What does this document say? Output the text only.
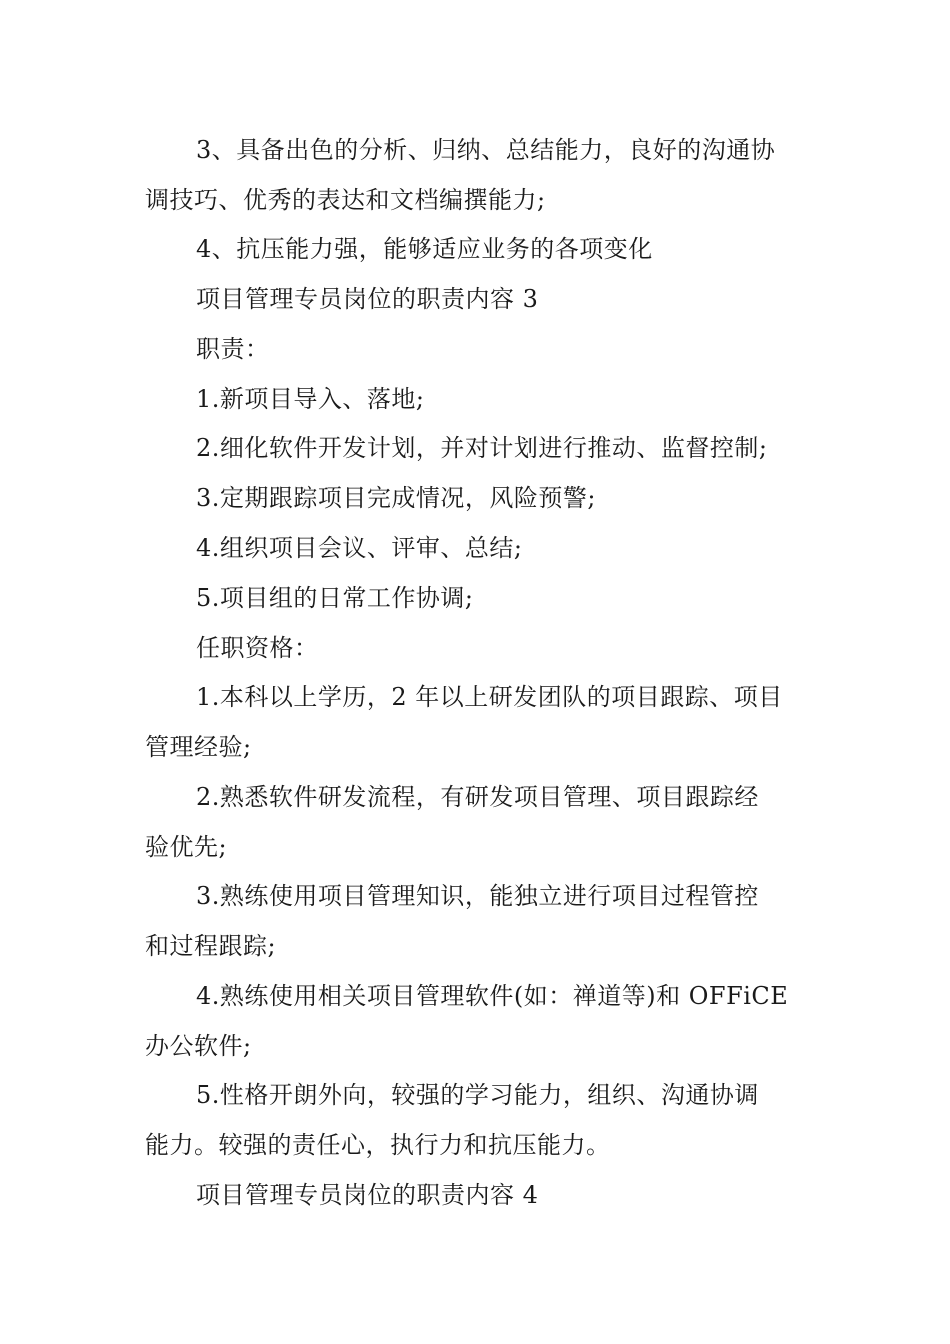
3、具备出色的分析、归纳、总结能力，良好的沟通协
调技巧、优秀的表达和文档编撰能力;
4、抗压能力强，能够适应业务的各项变化
项目管理专员岗位的职责内容 3
职责：
1.新项目导入、落地;
2.细化软件开发计划，并对计划进行推动、监督控制;
3.定期跟踪项目完成情况，风险预警;
4.组织项目会议、评审、总结;
5.项目组的日常工作协调;
任职资格：
1.本科以上学历，2 年以上研发团队的项目跟踪、项目
管理经验;
2.熟悉软件研发流程，有研发项目管理、项目跟踪经
验优先;
3.熟练使用项目管理知识，能独立进行项目过程管控
和过程跟踪;
4.熟练使用相关项目管理软件(如：禅道等)和 OFFiCE
办公软件;
5.性格开朗外向，较强的学习能力，组织、沟通协调
能力。较强的责任心，执行力和抗压能力。
项目管理专员岗位的职责内容 4
